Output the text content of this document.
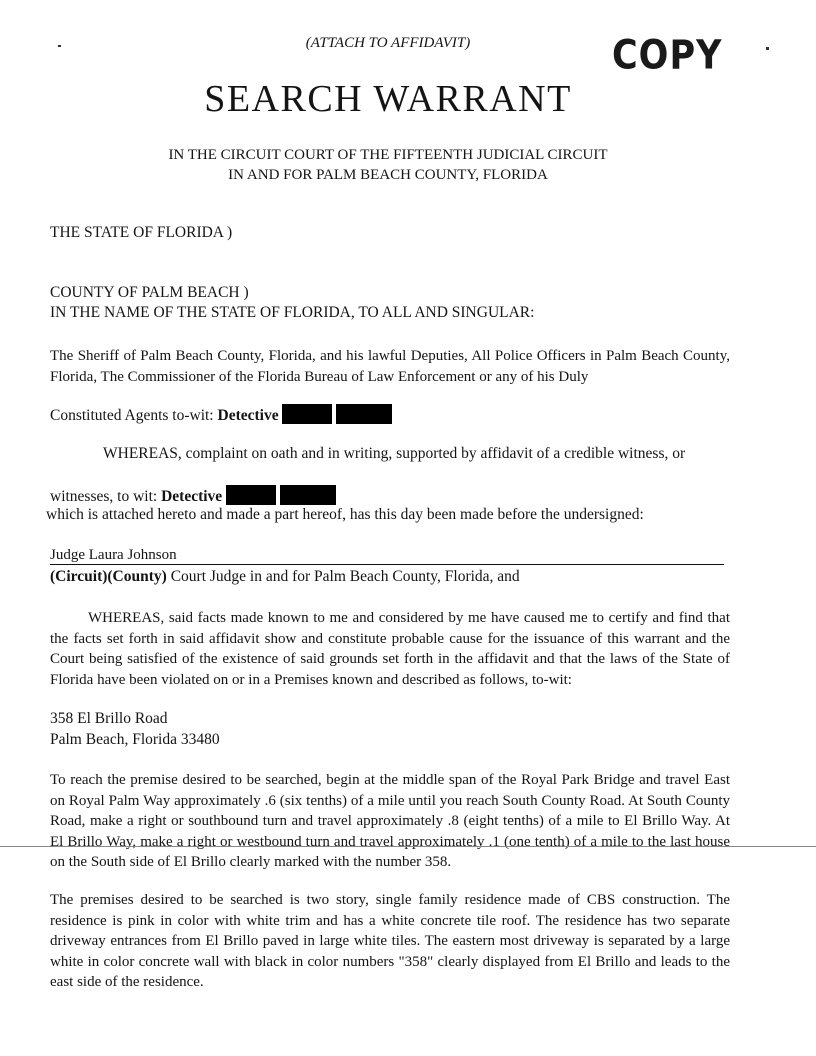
(ATTACH TO AFFIDAVIT)	COPY
SEARCH WARRANT
IN THE CIRCUIT COURT OF THE FIFTEENTH JUDICIAL CIRCUIT
IN AND FOR PALM BEACH COUNTY, FLORIDA
THE STATE OF FLORIDA )
COUNTY OF PALM BEACH )
IN THE NAME OF THE STATE OF FLORIDA, TO ALL AND SINGULAR:
The Sheriff of Palm Beach County, Florida, and his lawful Deputies, All Police Officers in Palm Beach County, Florida, The Commissioner of the Florida Bureau of Law Enforcement or any of his Duly
Constituted Agents to-wit: Detective
WHEREAS, complaint on oath and in writing, supported by affidavit of a credible witness, or
witnesses, to wit: Detective
which is attached hereto and made a part hereof, has this day been made before the undersigned:
Judge Laura Johnson
(Circuit)(County) Court Judge in and for Palm Beach County, Florida, and
WHEREAS, said facts made known to me and considered by me have caused me to certify and find that the facts set forth in said affidavit show and constitute probable cause for the issuance of this warrant and the Court being satisfied of the existence of said grounds set forth in the affidavit and that the laws of the State of Florida have been violated on or in a Premises known and described as follows, to-wit:
358 El Brillo Road
Palm Beach, Florida 33480
To reach the premise desired to be searched, begin at the middle span of the Royal Park Bridge and travel East on Royal Palm Way approximately .6 (six tenths) of a mile until you reach South County Road. At South County Road, make a right or southbound turn and travel approximately .8 (eight tenths) of a mile to El Brillo Way. At El Brillo Way, make a right or westbound turn and travel approximately .1 (one tenth) of a mile to the last house on the South side of El Brillo clearly marked with the number 358.
The premises desired to be searched is two story, single family residence made of CBS construction. The residence is pink in color with white trim and has a white concrete tile roof. The residence has two separate driveway entrances from El Brillo paved in large white tiles. The eastern most driveway is separated by a large white in color concrete wall with black in color numbers "358" clearly displayed from El Brillo and leads to the east side of the residence.
